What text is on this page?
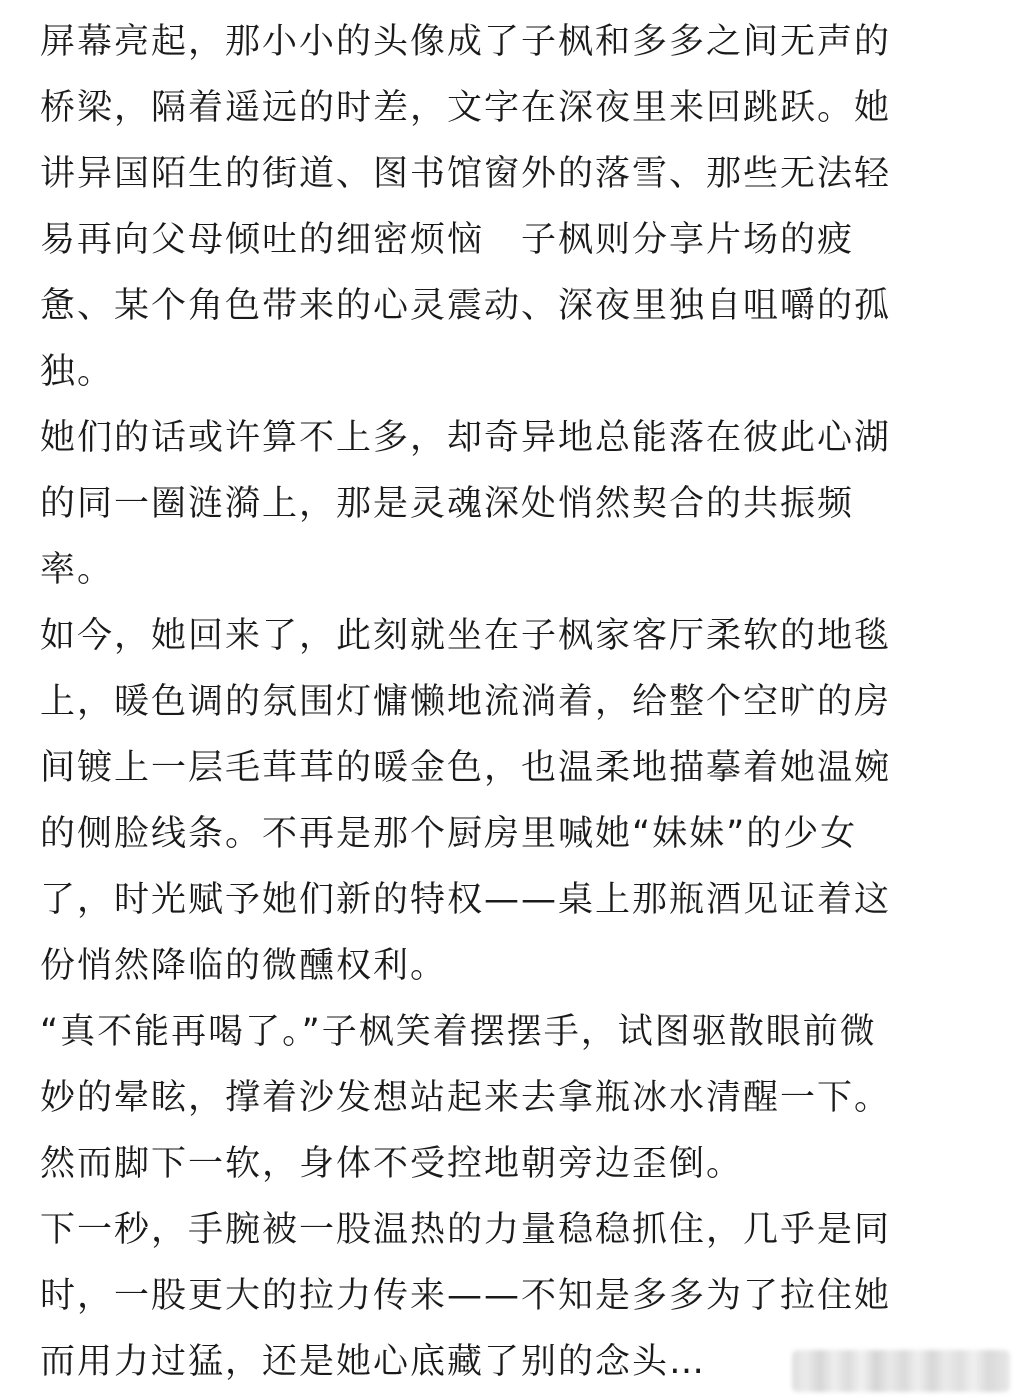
屏幕亮起，那小小的头像成了子枫和多多之间无声的
桥梁，隔着遥远的时差，文字在深夜里来回跳跃。她
讲异国陌生的街道、图书馆窗外的落雪、那些无法轻
易再向父母倾吐的细密烦恼　子枫则分享片场的疲
惫、某个角色带来的心灵震动、深夜里独自咀嚼的孤
独。
她们的话或许算不上多，却奇异地总能落在彼此心湖
的同一圈涟漪上，那是灵魂深处悄然契合的共振频
率。
如今，她回来了，此刻就坐在子枫家客厅柔软的地毯
上，暖色调的氛围灯慵懒地流淌着，给整个空旷的房
间镀上一层毛茸茸的暖金色，也温柔地描摹着她温婉
的侧脸线条。不再是那个厨房里喊她“妹妹”的少女
了，时光赋予她们新的特权——桌上那瓶酒见证着这
份悄然降临的微醺权利。
“真不能再喝了。”子枫笑着摆摆手，试图驱散眼前微
妙的晕眩，撑着沙发想站起来去拿瓶冰水清醒一下。
然而脚下一软，身体不受控地朝旁边歪倒。
下一秒，手腕被一股温热的力量稳稳抓住，几乎是同
时，一股更大的拉力传来——不知是多多为了拉住她
而用力过猛，还是她心底藏了别的念头…
